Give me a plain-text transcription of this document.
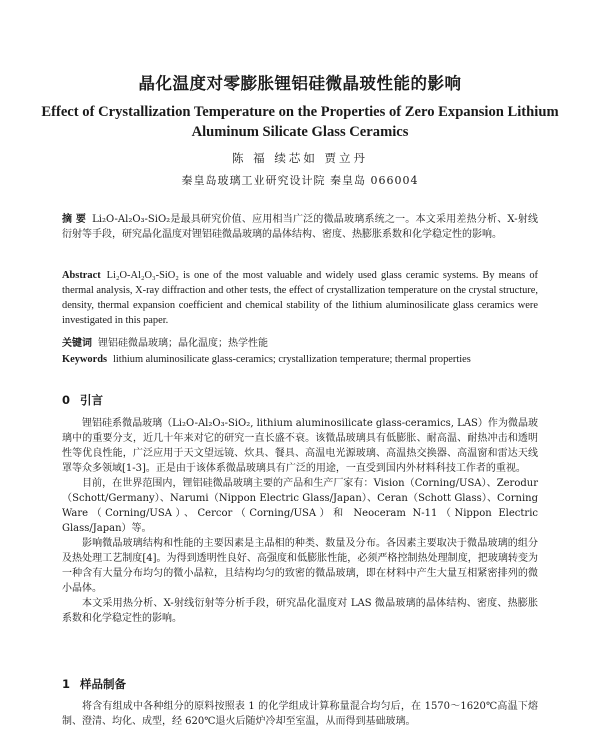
晶化温度对零膨胀锂铝硅微晶玻性能的影响
Effect of Crystallization Temperature on the Properties of Zero Expansion Lithium Aluminum Silicate Glass Ceramics
陈 福 续芯如 贾立丹
秦皇岛玻璃工业研究设计院 秦皇岛 066004

摘 要 Li₂O-Al₂O₃-SiO₂是最具研究价值、应用相当广泛的微晶玻璃系统之一。本文采用差热分析、X-射线衍射等手段，研究晶化温度对锂铝硅微晶玻璃的晶体结构、密度、热膨胀系数和化学稳定性的影响。

Abstract Li₂O-Al₂O₃-SiO₂ is one of the most valuable and widely used glass ceramic systems. By means of thermal analysis, X-ray diffraction and other tests, the effect of crystallization temperature on the crystal structure, density, thermal expansion coefficient and chemical stability of the lithium aluminosilicate glass ceramics were investigated in this paper.

关键词 锂铝硅微晶玻璃；晶化温度；热学性能

Keywords lithium aluminosilicate glass-ceramics; crystallization temperature; thermal properties

0 引言

锂铝硅系微晶玻璃（Li₂O-Al₂O₃-SiO₂, lithium aluminosilicate glass-ceramics, LAS）作为微晶玻璃中的重要分支，近几十年来对它的研究一直长盛不衰。该微晶玻璃具有低膨胀、耐高温、耐热冲击和透明性等优良性能，广泛应用于天文望远镜、炊具、餐具、高温电光源玻璃、高温热交换器、高温窗和雷达天线罩等众多领域[1-3]。正是由于该体系微晶玻璃具有广泛的用途，一直受到国内外材料科技工作者的重视。

目前，在世界范围内，锂铝硅微晶玻璃主要的产品和生产厂家有：Vision（Corning/USA）、Zerodur（Schott/Germany）、Narumi（Nippon Electric Glass/Japan）、Ceran（Schott Glass）、Corning Ware（Corning/USA）、Cercor（Corning/USA）和 Neoceram N-11（Nippon Electric Glass/Japan）等。

影响微晶玻璃结构和性能的主要因素是主晶相的种类、数量及分布。各因素主要取决于微晶玻璃的组分及热处理工艺制度[4]。为得到透明性良好、高强度和低膨胀性能，必须严格控制热处理制度，把玻璃转变为一种含有大量分布均匀的微小晶粒，且结构均匀的致密的微晶玻璃，即在材料中产生大量互相紧密排列的微小晶体。

本文采用热分析、X-射线衍射等分析手段，研究晶化温度对 LAS 微晶玻璃的晶体结构、密度、热膨胀系数和化学稳定性的影响。

1 样品制备

将含有组成中各种组分的原料按照表 1 的化学组成计算称量混合均匀后，在 1570～1620℃高温下熔制、澄清、均化、成型，经 620℃退火后随炉冷却至室温，从而得到基础玻璃。
